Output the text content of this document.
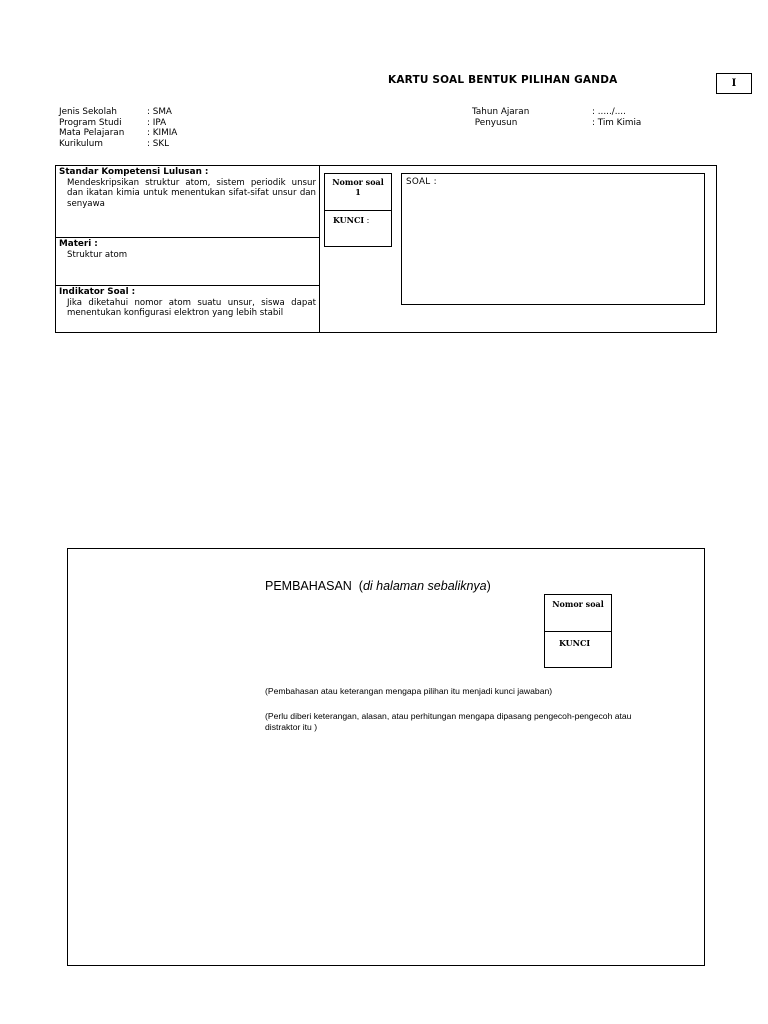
KARTU SOAL BENTUK PILIHAN GANDA	I
Jenis Sekolah	: SMA
Program Studi	: IPA
Mata Pelajaran	: KIMIA
Kurikulum	: SKL
Tahun Ajaran	: ...../....
Penyusun	: Tim Kimia
Standar Kompetensi Lulusan :
Mendeskripsikan struktur atom, sistem periodik unsur dan ikatan kimia untuk menentukan sifat-sifat unsur dan senyawa
Materi :
Struktur atom
Indikator Soal :
Jika diketahui nomor atom suatu unsur, siswa dapat menentukan konfigurasi elektron yang lebih stabil
Nomor soal
1
KUNCI :
SOAL :
PEMBAHASAN  (di halaman sebaliknya)
Nomor soal
KUNCI
(Pembahasan atau keterangan mengapa pilihan itu menjadi kunci jawaban)
(Perlu diberi keterangan, alasan, atau perhitungan mengapa dipasang pengecoh-pengecoh atau distraktor itu )
